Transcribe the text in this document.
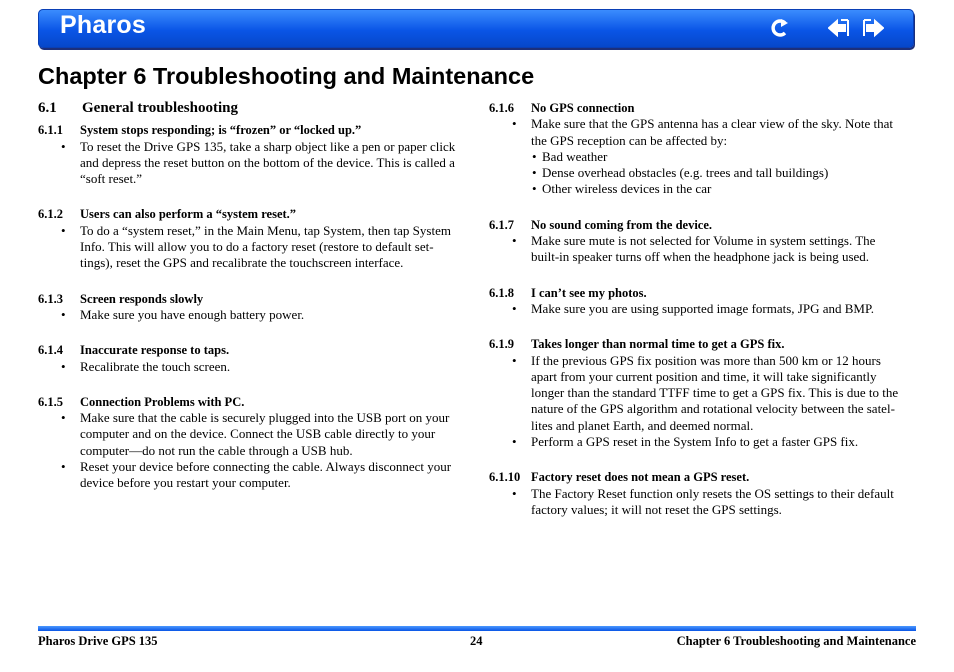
Pharos
Chapter 6 Troubleshooting and Maintenance
6.1	General troubleshooting
6.1.1	System stops responding; is “frozen” or “locked up.”
• To reset the Drive GPS 135, take a sharp object like a pen or paper click
and depress the reset button on the bottom of the device. This is called a
“soft reset.”
6.1.2	Users can also perform a “system reset.”
• To do a “system reset,” in the Main Menu, tap System, then tap System
Info. This will allow you to do a factory reset (restore to default set-
tings), reset the GPS and recalibrate the touchscreen interface.
6.1.3	Screen responds slowly
• Make sure you have enough battery power.
6.1.4	Inaccurate response to taps.
• Recalibrate the touch screen.
6.1.5	Connection Problems with PC.
• Make sure that the cable is securely plugged into the USB port on your
computer and on the device. Connect the USB cable directly to your
computer—do not run the cable through a USB hub.
• Reset your device before connecting the cable. Always disconnect your
device before you restart your computer.
6.1.6	No GPS connection
• Make sure that the GPS antenna has a clear view of the sky. Note that
the GPS reception can be affected by:
• Bad weather
• Dense overhead obstacles (e.g. trees and tall buildings)
• Other wireless devices in the car
6.1.7	No sound coming from the device.
• Make sure mute is not selected for Volume in system settings. The
built-in speaker turns off when the headphone jack is being used.
6.1.8	I can’t see my photos.
• Make sure you are using supported image formats, JPG and BMP.
6.1.9	Takes longer than normal time to get a GPS fix.
• If the previous GPS fix position was more than 500 km or 12 hours
apart from your current position and time, it will take significantly
longer than the standard TTFF time to get a GPS fix. This is due to the
nature of the GPS algorithm and rotational velocity between the satel-
lites and planet Earth, and deemed normal.
• Perform a GPS reset in the System Info to get a faster GPS fix.
6.1.10 Factory reset does not mean a GPS reset.
• The Factory Reset function only resets the OS settings to their default
factory values; it will not reset the GPS settings.
Pharos Drive GPS 135	24	Chapter 6 Troubleshooting and Maintenance
